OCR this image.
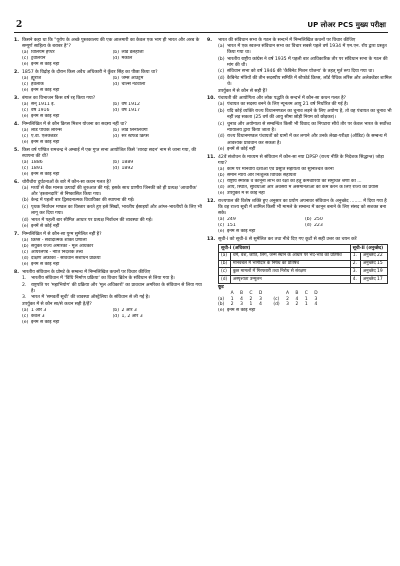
2	UP लोअर PCS मुख्य परीक्षा
1. किसने कहा था कि "यूरोप के अच्छे पुस्तकालय की एक आलमारी का केवल एक भाग ही भारत और अरब के सम्पूर्ण साहित्य के बराबर है"?
(a) विलियम हण्टर	(b) लॉर्ड डलहौजी
(c) ट्रेवेलियन	(d) मैकाले
(e) इनमें से कोई नहीं
2. 1857 के विद्रोह के दौरान किस अवैध अधिकारी ने कुँवर सिंह का पीछा किया था?
(a) ह्यूरोज	(b) जेम्स आउट्रम
(c) हैवलॉक	(d) चार्ल्स नेटवाला
(e) इनमें से कोई नहीं
3. बंगाल का विभाजन किस वर्ष रद्द किया गया?
(a) सन् 1911 ई.	(b) वर्ष 1912
(c) वर्ष 1916	(d) वर्ष 1917
(e) इनमें से कोई नहीं
4. निम्नलिखित में से कौन क्रिप्स मिशन योजना का सदस्य नहीं था?
(a) लॉर्ड पैथिक लॉरेन्स	(b) लॉर्ड लिनलिथगो
(c) ए.वी. एलेक्जेंडर	(d) सर स्टैफर्ड क्रिप्स
(e) इनमें से कोई नहीं
5. किस वर्ष पण्डित रामचन्द्र ने अम्बाई में एक गुप्त सभा आयोजित किसे 'शारदा सदन' नाम से जाना गया, की स्थापना की थी?
(a) 1886	(b) 1889
(c) 1891	(d) 1892
(e) इनमें से कोई नहीं
6. चोरीचौरा दुर्घटनाओं के बारे में कौन-सा कथन गलत है?
(a) मध्यों से बैंक मानक उत्पादों की शुरुआत की गई; इसके साथ प्राणीय जिनकी को ही प्रत्यक्ष 'आधारीक' और 'इस्तानदारि' से निष्कासित किया गया।
(b) केन्द्र में पहली बार द्विसदनात्मक विधायिका की स्थापना की गई।
(c) पृथक निर्वाचन मण्डल का विस्तार करते हुए इसे सिखों, भारतीय ईसाइयों और आंग्ल-भारतीयों के लिए भी लागू कर दिया गया।
(d) भारत में पहली बार सीमित आधार पर प्रत्यक्ष निर्वाचन की व्यवस्था की गई।
(e) इनमें से कोई नहीं
7. निम्नलिखित में से कौन-सा युग्म सुमेलित नहीं है?
(a) क्रिप्स - संवादात्मक शक्ति प्रणाली
(b) संयुक्त राज्य अमेरिका - मूल अधिकार
(c) आयरलैण्ड - नीति निर्देशक तत्त्व
(d) दक्षिण अफ्रीका - संविधान संशोधन प्रक्रिया
(e) इनमें से कोई नहीं
8. भारतीय संविधान के प्रोमटे के सम्बन्ध में निम्नलिखित कथनों पर विचार कीजिए
1.	भारतीय संविधान में 'विधि निर्माण प्रक्रिया' का विचार ब्रिटेन के संविधान से लिया गया है।
2.	राष्ट्रपति पर 'महाभियोग' की प्रक्रिया और 'मूल अधिकारों' का प्रावधान अमरिका के संविधान से लिया गया है।
3.	भारत में 'समवर्ती सूची' की व्यवस्था ऑस्ट्रेलिया के संविधान से ली गई है।
उपर्युक्त में से कौन सा/से कथन सही है/हैं?
(a) 1 और 3	(b) 2 और 3
(c) केवल 3	(d) 1, 2 और 3
(e) इनमें से कोई नहीं
9.	भारत की संविधान सभा के गठन के सन्दर्भ में निम्नलिखित कथनों पर विचार कीजिए
(a) भारत में एक स्वतन्त्र संविधान सभा का विचार सबसे पहले वर्ष 1934 में एम.एन. रॉय द्वारा प्रस्तुत किया गया था।
(b) भारतीय राष्ट्रीय कांग्रेस ने वर्ष 1935 में पहली बार आधिकारिक तौर पर संविधान सभा के गठन की मांग की थी।
(c) संविधान सभा को वर्ष 1946 की 'कैबिनेट मिशन योजना' के तहत् मूर्त रूप दिया गया था।
(d) कैबिनेट मंत्रियों की तीन सदस्यीय समिति में स्टैफोर्ड क्रिप्स, लॉर्ड पैथिक लॉरेंस और अलेक्जेंडर शामिल थे।
उपर्युक्त में से कौन से सही हैं?
10. पंचायती की आयोगिता और लोक पद्धति के सन्दर्भ में कौन-सा कथन गलत है?
(a) पंचायत का सदस्य बनने के लिए न्यूनतम आयु 21 वर्ष निर्धारित की गई है।
(b) यदि कोई व्यक्ति राज्य विधानमण्डल का चुनाव लड़ने के लिए अयोग्य है, तो वह पंचायत का चुनाव भी नहीं लड़ सकता (25 वर्ष की आयु सीमा छोड़ी नियम को छोड़कर)।
(c) चुनाव और अयोग्यता से सम्बन्धित किसी भी विवाद का निपटारा सीधे तौर पर केवल भारत के सर्वोच्च न्यायालय द्वारा किया जाता है।
(d) राज्य विधानमण्डल पंचायतों को ग्रामों में कर लगाने और उनके लेखा-परीक्षा (ऑडिट) के सम्बन्ध में आवश्यक प्रावधान कर सकता है।
(e) इनमें से कोई नहीं
11. 42वें संशोधन के माध्यम से संविधान में कौन-सा नया DPSP (राज्य नीति के निदेशक सिद्धान्त) जोड़ा गया?
(a) काम पर मानवीय दशाओं एवं प्रसूति सहायता की सुनिश्चित करना
(b) समान न्याय और निःशुल्क विधिक सहायता
(c) राष्ट्रीय स्मारक व कानूनी लाभ की रक्षा की हेतु कर्मचारियों को समुचित श्रेणी की ...
(d) आय, स्थिति, सुविधाओं और अवसरों में असमानताओं को कम करने के लिए राज्य का प्रयास
(e) उपर्युक्त में से कोई नहीं
12. राज्यपाल की विशेष शक्ति हुए अनुसार का प्रयोग अपनावर संविधान के अनुच्छेद ........ में दिया गया है कि वह राज्य सूची में शामिल किसी भी मामले के सम्बन्ध में कानून बनाने के लिए संसद को सशक्त बना सके।
(a) 249	(b) 250
(c) 151	(d) 223
(e) इनमें से कोई नहीं
13. सूची-I को सूची-II से सुमेलित कर तथा नीचे दिए गए कूटों से सही उत्तर का चयन करें
सूची-I (अधिकार)		सूची-II (अनुच्छेद)	
(a)	धर्म, वंश, जाति, लिंग, जन्म स्थान के आधार पर भेद-भाव का प्रतिषेध	1.	अनुच्छेद 22
(b)	मानवबल में भागीदार के निषेध का प्रतिषेध	2.	अनुच्छेद 15
(c)	कुछ मामलों में गिरफ्तारी तथा निरोध से संरक्षण	3.	अनुच्छेद 19
(d)	अस्पृश्यता उन्मूलन	4.	अनुच्छेद 17
कूट
	A	B	C	D			A	B	C	D
(a)	1	4	2	3		(c)	2	4	1	3
(b)	2	3	1	4		(d)	3	2	1	4
(e) इनमें से कोई नहीं
